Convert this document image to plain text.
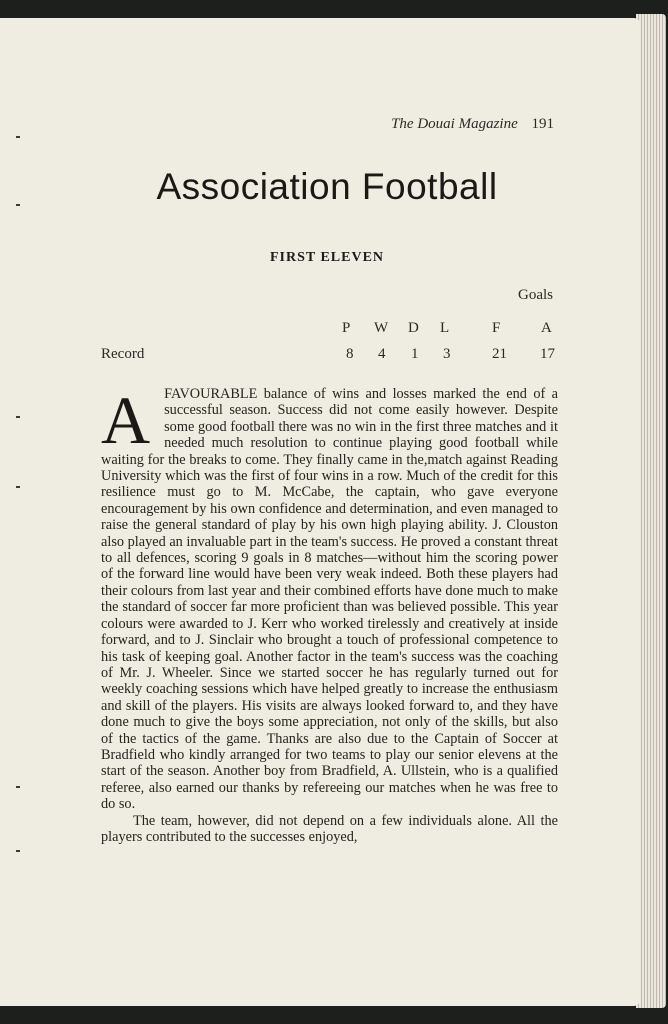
The Douai Magazine 191
Association Football
FIRST ELEVEN
Goals
P W D L	F	A
Record	8 4 1 3	21 17

AFAVOURABLE balance of wins and losses marked the end of a successful season. Success did not come easily however. Despite some good football there was no win in the first three matches and it needed much resolution to continue playing good football while waiting for the breaks to come. They finally came in the,match against Reading University which was the first of four wins in a row. Much of the credit for this resilience must go to M. McCabe, the captain, who gave everyone encouragement by his own confidence and determination, and even managed to raise the general standard of play by his own high playing ability. J. Clouston also played an invaluable part in the team's success. He proved a constant threat to all defences, scoring 9 goals in 8 matches—without him the scoring power of the forward line would have been very weak indeed. Both these players had their colours from last year and their combined efforts have done much to make the standard of soccer far more proficient than was believed possible. This year colours were awarded to J. Kerr who worked tirelessly and creatively at inside forward, and to J. Sinclair who brought a touch of professional competence to his task of keeping goal. Another factor in the team's success was the coaching of Mr. J. Wheeler. Since we started soccer he has regularly turned out for weekly coaching sessions which have helped greatly to increase the enthusiasm and skill of the players. His visits are always looked forward to, and they have done much to give the boys some appreciation, not only of the skills, but also of the tactics of the game. Thanks are also due to the Captain of Soccer at Bradfield who kindly arranged for two teams to play our senior elevens at the start of the season. Another boy from Bradfield, A. Ullstein, who is a qualified referee, also earned our thanks by refereeing our matches when he was free to do so.

The team, however, did not depend on a few individuals alone. All the players contributed to the successes enjoyed,
